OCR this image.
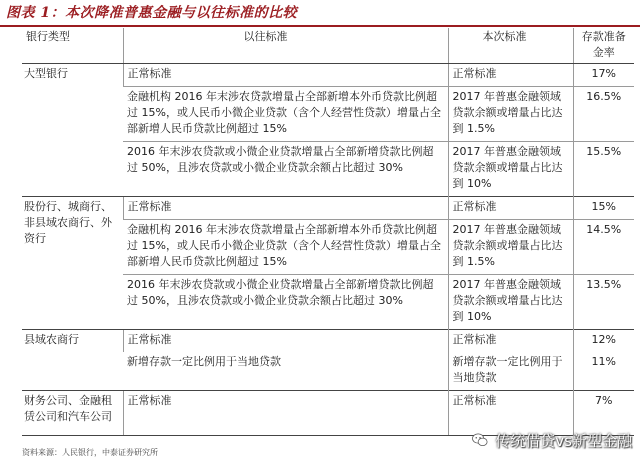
图表 1：本次降准普惠金融与以往标准的比较
银行类型	以往标准	本次标准	存款准备金率
大型银行	正常标准	正常标准	17%
	金融机构 2016 年末涉农贷款增量占全部新增本外币贷款比例超过 15%，或人民币小微企业贷款（含个人经营性贷款）增量占全部新增人民币贷款比例超过 15%	2017 年普惠金融领域贷款余额或增量占比达到 1.5%	16.5%
	2016 年末涉农贷款或小微企业贷款增量占全部新增贷款比例超过 50%，且涉农贷款或小微企业贷款余额占比超过 30%	2017 年普惠金融领域贷款余额或增量占比达到 10%	15.5%
股份行、城商行、非县域农商行、外资行	正常标准	正常标准	15%
	金融机构 2016 年末涉农贷款增量占全部新增本外币贷款比例超过 15%，或人民币小微企业贷款（含个人经营性贷款）增量占全部新增人民币贷款比例超过 15%	2017 年普惠金融领域贷款余额或增量占比达到 1.5%	14.5%
	2016 年末涉农贷款或小微企业贷款增量占全部新增贷款比例超过 50%，且涉农贷款或小微企业贷款余额占比超过 30%	2017 年普惠金融领域贷款余额或增量占比达到 10%	13.5%
县域农商行	正常标准	正常标准	12%
	新增存款一定比例用于当地贷款	新增存款一定比例用于当地贷款	11%
财务公司、金融租赁公司和汽车公司	正常标准	正常标准	7%
资料来源：人民银行，中泰证券研究所
传统借贷vs新型金融
